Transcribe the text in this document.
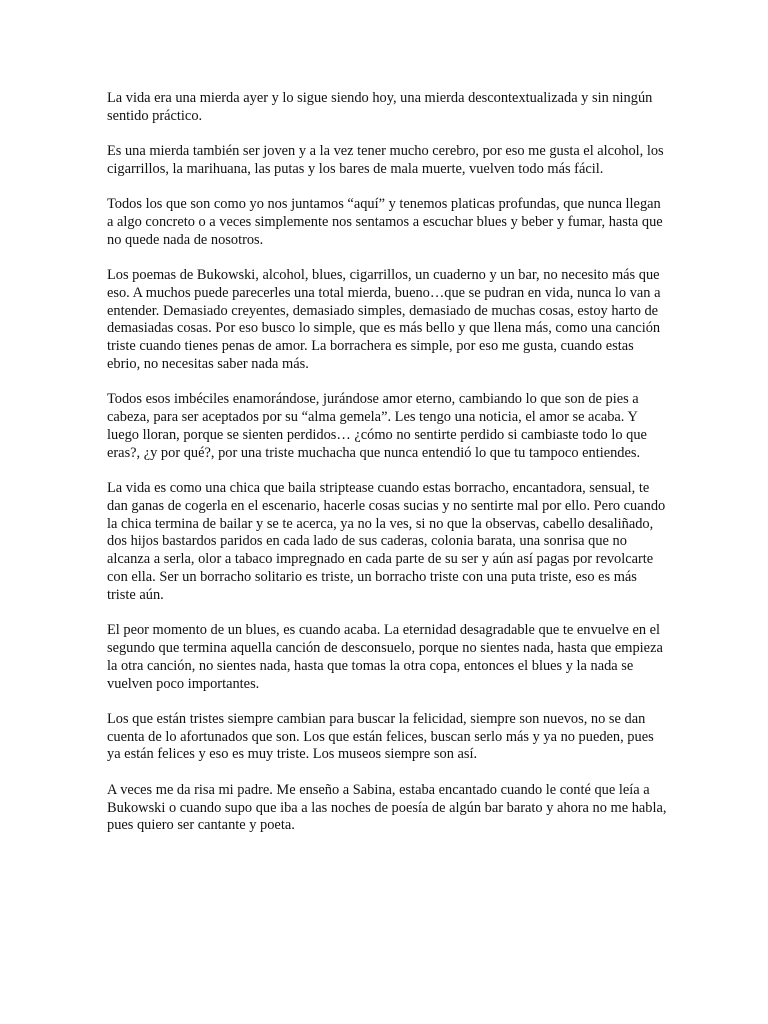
La vida era una mierda ayer y lo sigue siendo hoy, una mierda descontextualizada y sin ningún sentido práctico.

Es una mierda también ser joven y a la vez tener mucho cerebro, por eso me gusta el alcohol, los cigarrillos, la marihuana, las putas y los bares de mala muerte, vuelven todo más fácil.

Todos los que son como yo nos juntamos “aquí” y tenemos platicas profundas, que nunca llegan a algo concreto o a veces simplemente nos sentamos a escuchar blues y beber y fumar, hasta que no quede nada de nosotros.

Los poemas de Bukowski, alcohol, blues, cigarrillos, un cuaderno y un bar, no necesito más que eso. A muchos puede parecerles una total mierda, bueno…que se pudran en vida, nunca lo van a entender. Demasiado creyentes, demasiado simples, demasiado de muchas cosas, estoy harto de demasiadas cosas. Por eso busco lo simple, que es más bello y que llena más, como una canción triste cuando tienes penas de amor. La borrachera es simple, por eso me gusta, cuando estas ebrio, no necesitas saber nada más.

Todos esos imbéciles enamorándose, jurándose amor eterno, cambiando lo que son de pies a cabeza, para ser aceptados por su “alma gemela”. Les tengo una noticia, el amor se acaba. Y luego lloran, porque se sienten perdidos… ¿cómo no sentirte perdido si cambiaste todo lo que eras?, ¿y por qué?, por una triste muchacha que nunca entendió lo que tu tampoco entiendes.

La vida es como una chica que baila striptease cuando estas borracho, encantadora, sensual, te dan ganas de cogerla en el escenario, hacerle cosas sucias y no sentirte mal por ello. Pero cuando la chica termina de bailar y se te acerca, ya no la ves, si no que la observas, cabello desaliñado, dos hijos bastardos paridos en cada lado de sus caderas, colonia barata, una sonrisa que no alcanza a serla, olor a tabaco impregnado en cada parte de su ser y aún así pagas por revolcarte con ella. Ser un borracho solitario es triste, un borracho triste con una puta triste, eso es más triste aún.

El peor momento de un blues, es cuando acaba. La eternidad desagradable que te envuelve en el segundo que termina aquella canción de desconsuelo, porque no sientes nada, hasta que empieza la otra canción, no sientes nada, hasta que tomas la otra copa, entonces el blues y la nada se vuelven poco importantes.

Los que están tristes siempre cambian para buscar la felicidad, siempre son nuevos, no se dan cuenta de lo afortunados que son. Los que están felices, buscan serlo más y ya no pueden, pues ya están felices y eso es muy triste. Los museos siempre son así.

A veces me da risa mi padre. Me enseño a Sabina, estaba encantado cuando le conté que leía a Bukowski o cuando supo que iba a las noches de poesía de algún bar barato y ahora no me habla, pues quiero ser cantante y poeta.
